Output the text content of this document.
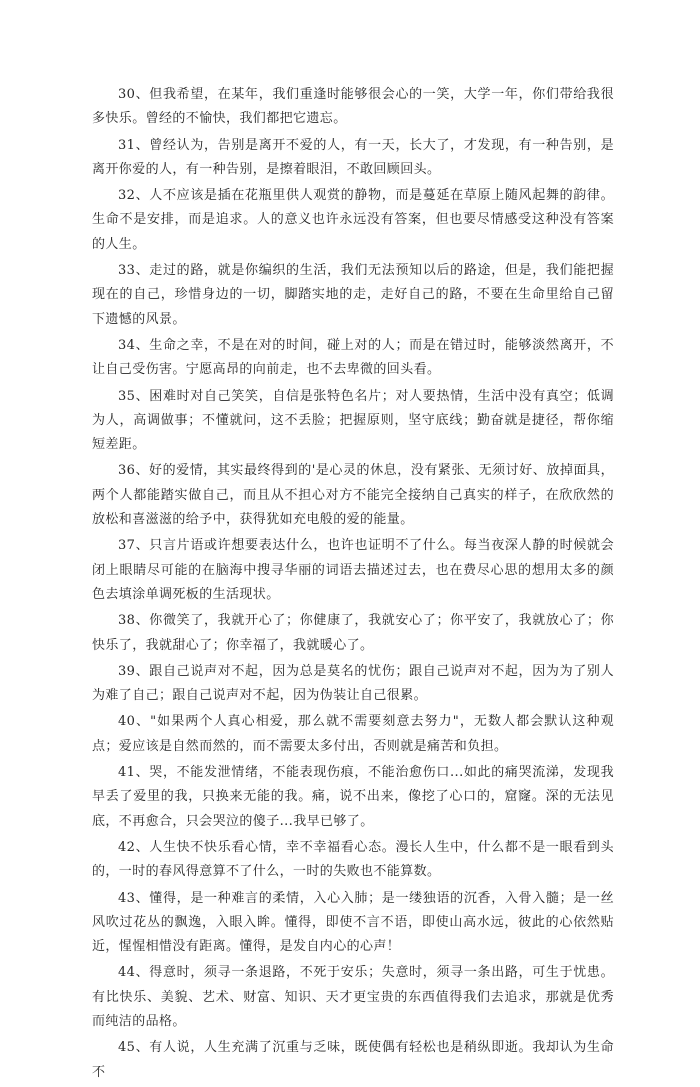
30、但我希望，在某年，我们重逢时能够很会心的一笑，大学一年，你们带给我很多快乐。曾经的不愉快，我们都把它遗忘。

31、曾经认为，告别是离开不爱的人，有一天，长大了，才发现，有一种告别，是离开你爱的人，有一种告别，是擦着眼泪，不敢回顾回头。

32、人不应该是插在花瓶里供人观赏的静物，而是蔓延在草原上随风起舞的韵律。生命不是安排，而是追求。人的意义也许永远没有答案，但也要尽情感受这种没有答案的人生。

33、走过的路，就是你编织的生活，我们无法预知以后的路途，但是，我们能把握现在的自己，珍惜身边的一切，脚踏实地的走，走好自己的路，不要在生命里给自己留下遗憾的风景。

34、生命之幸，不是在对的时间，碰上对的人；而是在错过时，能够淡然离开，不让自己受伤害。宁愿高昂的向前走，也不去卑微的回头看。

35、困难时对自己笑笑，自信是张特色名片；对人要热情，生活中没有真空；低调为人，高调做事；不懂就问，这不丢脸；把握原则，坚守底线；勤奋就是捷径，帮你缩短差距。

36、好的爱情，其实最终得到的'是心灵的休息，没有紧张、无须讨好、放掉面具，两个人都能踏实做自己，而且从不担心对方不能完全接纳自己真实的样子，在欣欣然的放松和喜滋滋的给予中，获得犹如充电般的爱的能量。

37、只言片语或许想要表达什么，也许也证明不了什么。每当夜深人静的时候就会闭上眼睛尽可能的在脑海中搜寻华丽的词语去描述过去，也在费尽心思的想用太多的颜色去填涂单调死板的生活现状。

38、你微笑了，我就开心了；你健康了，我就安心了；你平安了，我就放心了；你快乐了，我就甜心了；你幸福了，我就暖心了。

39、跟自己说声对不起，因为总是莫名的忧伤；跟自己说声对不起，因为为了别人为难了自己；跟自己说声对不起，因为伪装让自己很累。

40、"如果两个人真心相爱，那么就不需要刻意去努力"，无数人都会默认这种观点；爱应该是自然而然的，而不需要太多付出，否则就是痛苦和负担。

41、哭，不能发泄情绪，不能表现伤痕，不能治愈伤口...如此的痛哭流涕，发现我早丢了爱里的我，只换来无能的我。痛，说不出来，像挖了心口的，窟窿。深的无法见底，不再愈合，只会哭泣的傻子...我早已够了。

42、人生快不快乐看心情，幸不幸福看心态。漫长人生中，什么都不是一眼看到头的，一时的春风得意算不了什么，一时的失败也不能算数。

43、懂得，是一种难言的柔情，入心入肺；是一缕独语的沉香，入骨入髓；是一丝风吹过花丛的飘逸，入眼入眸。懂得，即使不言不语，即使山高水远，彼此的心依然贴近，惺惺相惜没有距离。懂得，是发自内心的心声！

44、得意时，须寻一条退路，不死于安乐；失意时，须寻一条出路，可生于忧患。有比快乐、美貌、艺术、财富、知识、天才更宝贵的东西值得我们去追求，那就是优秀而纯洁的品格。

45、有人说，人生充满了沉重与乏味，既使偶有轻松也是稍纵即逝。我却认为生命不
